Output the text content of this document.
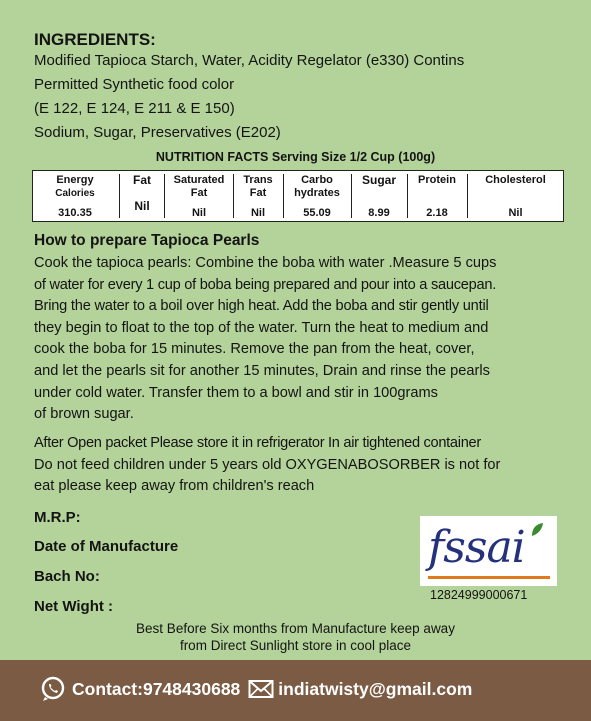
INGREDIENTS:
Modified Tapioca Starch, Water, Acidity Regelator (e330) Contins
Permitted Synthetic food color
(E 122, E 124, E 211 & E 150)
Sodium, Sugar, Preservatives (E202)
NUTRITION FACTS Serving Size 1/2 Cup (100g)
Energy
Calories
310.35
Fat
Nil
Saturated
Fat
Nil
Trans
Fat
Nil
Carbo
hydrates
55.09
Sugar
8.99
Protein
2.18
Cholesterol
Nil
How to prepare Tapioca Pearls
Cook the tapioca pearls: Combine the boba with water .Measure 5 cups
of water for every 1 cup of boba being prepared and pour into a saucepan.
Bring the water to a boil over high heat. Add the boba and stir gently until
they begin to float to the top of the water. Turn the heat to medium and
cook the boba for 15 minutes. Remove the pan from the heat, cover,
and let the pearls sit for another 15 minutes, Drain and rinse the pearls
under cold water. Transfer them to a bowl and stir in 100grams
of brown sugar.
After Open packet Please store it in refrigerator In air tightened container
Do not feed children under 5 years old OXYGENABOSORBER is not for
eat please keep away from children's reach
M.R.P:
Date of Manufacture
Bach No:
Net Wight :
fssai
12824999000671
Best Before Six months from Manufacture keep away
from Direct Sunlight store in cool place
Contact:9748430688 indiatwisty@gmail.com
